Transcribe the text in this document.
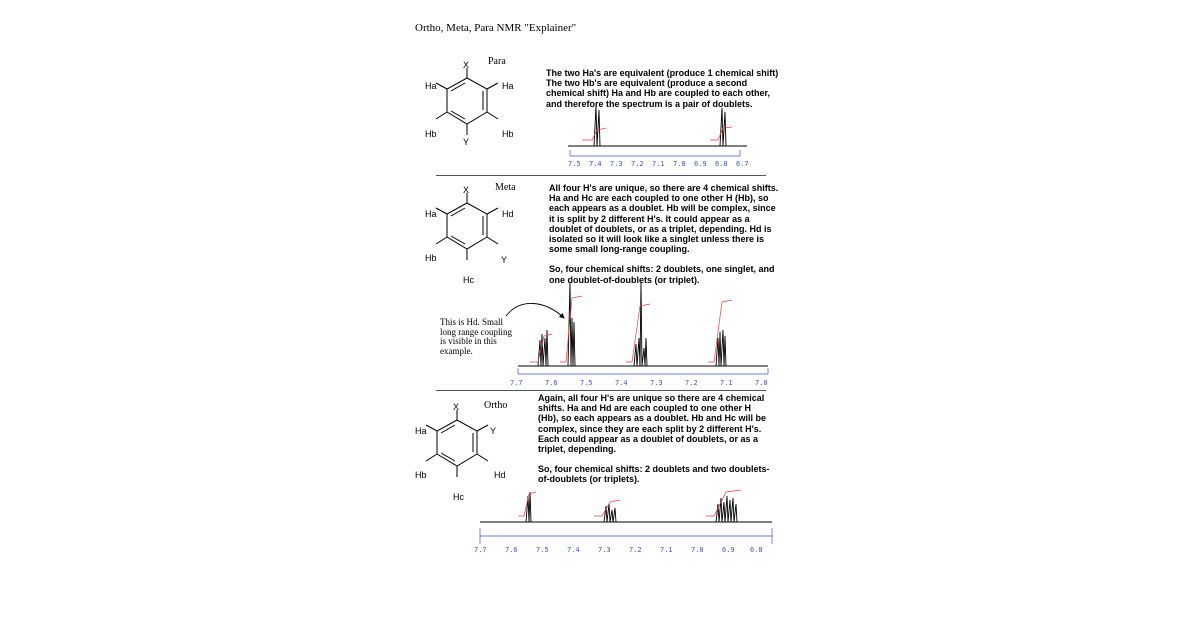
Ortho, Meta, Para NMR "Explainer"
Para
X
Y
Ha	Ha
Hb	Hb

The two Ha's are equivalent (produce 1 chemical shift) The two Hb's are equivalent (produce a second chemical shift) Ha and Hb are coupled to each other, and therefore the spectrum is a pair of doublets.

7.5 7.4 7.3 7.2 7.1 7.0 6.9 6.8 6.7
Meta
X
Y
Ha	Hd
Hb
Hc

All four H's are unique, so there are 4 chemical shifts. Ha and Hc are each coupled to one other H (Hb), so each appears as a doublet. Hb will be complex, since it is split by 2 different H's. It could appear as a doublet of doublets, or as a triplet, depending. Hd is isolated so it will look like a singlet unless there is some small long-range coupling.

So, four chemical shifts: 2 doublets, one singlet, and one doublet-of-doublets (or triplet).

This is Hd. Small long range coupling is visible in this example.
7.7	7.6	7.5	7.4	7.3	7.2	7.1	7.0
Ortho
X
Y
Ha
Hb	Hd
Hc

Again, all four H's are unique so there are 4 chemical shifts. Ha and Hd are each coupled to one other H (Hb), so each appears as a doublet. Hb and Hc will be complex, since they are each split by 2 different H's. Each could appear as a doublet of doublets, or as a triplet, depending.

So, four chemical shifts: 2 doublets and two doublets-of-doublets (or triplets).

7.7	7.6	7.5	7.4	7.3	7.2	7.1	7.0	6.9 6.8
